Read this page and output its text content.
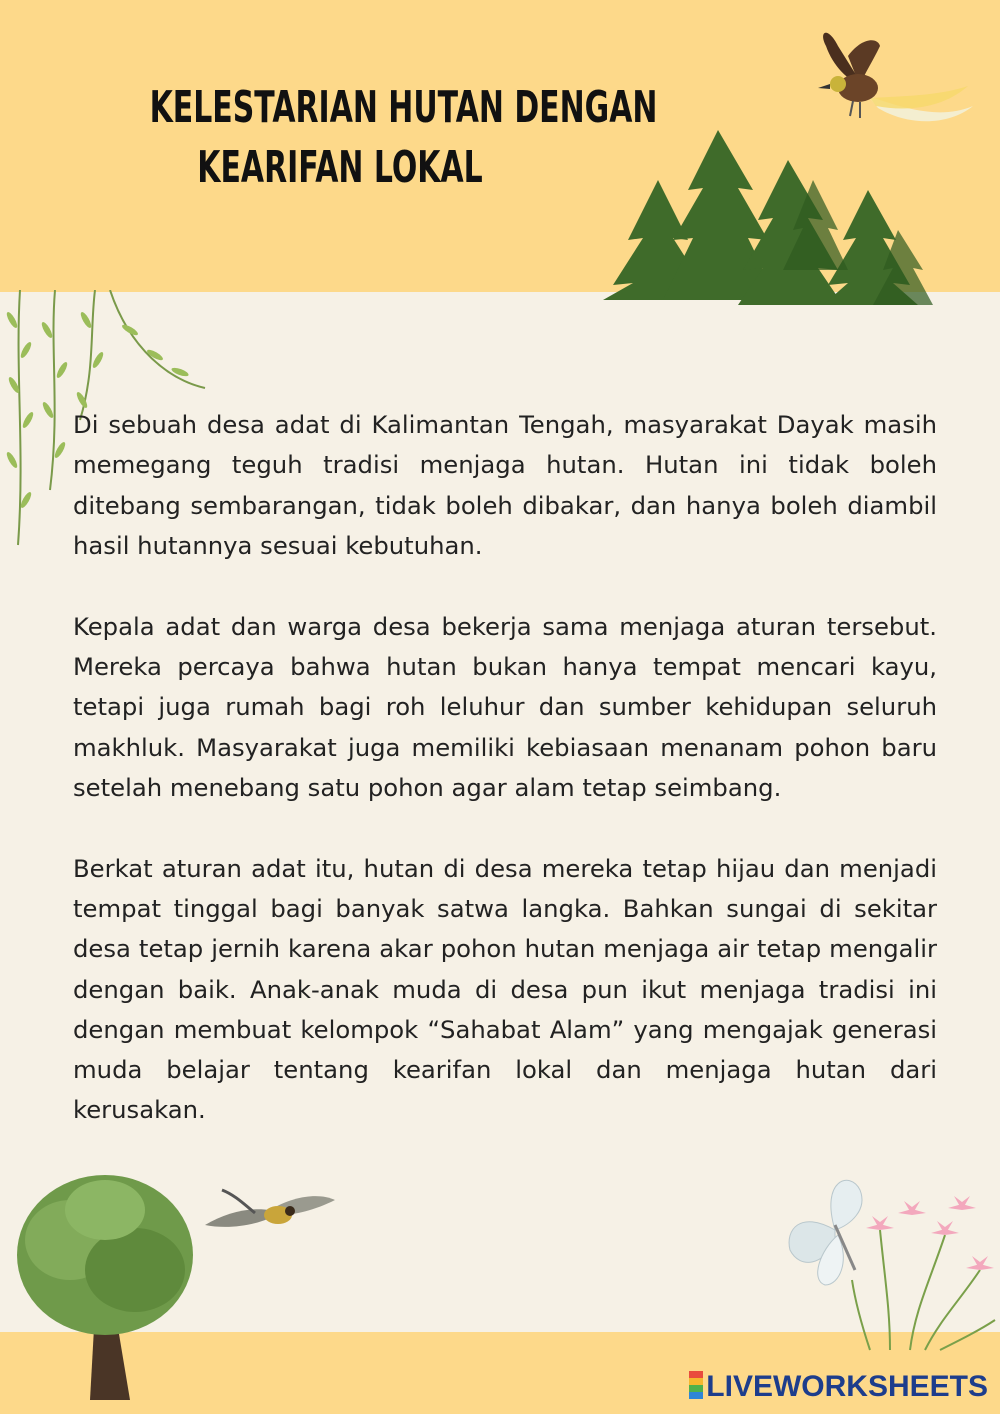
KELESTARIAN HUTAN DENGAN
KEARIFAN LOKAL

Di sebuah desa adat di Kalimantan Tengah, masyarakat Dayak masih memegang teguh tradisi menjaga hutan. Hutan ini tidak boleh ditebang sembarangan, tidak boleh dibakar, dan hanya boleh diambil hasil hutannya sesuai kebutuhan.

Kepala adat dan warga desa bekerja sama menjaga aturan tersebut. Mereka percaya bahwa hutan bukan hanya tempat mencari kayu, tetapi juga rumah bagi roh leluhur dan sumber kehidupan seluruh makhluk. Masyarakat juga memiliki kebiasaan menanam pohon baru setelah menebang satu pohon agar alam tetap seimbang.

Berkat aturan adat itu, hutan di desa mereka tetap hijau dan menjadi tempat tinggal bagi banyak satwa langka. Bahkan sungai di sekitar desa tetap jernih karena akar pohon hutan menjaga air tetap mengalir dengan baik. Anak-anak muda di desa pun ikut menjaga tradisi ini dengan membuat kelompok “Sahabat Alam” yang mengajak generasi muda belajar tentang kearifan lokal dan menjaga hutan dari kerusakan.

LIVEWORKSHEETS
